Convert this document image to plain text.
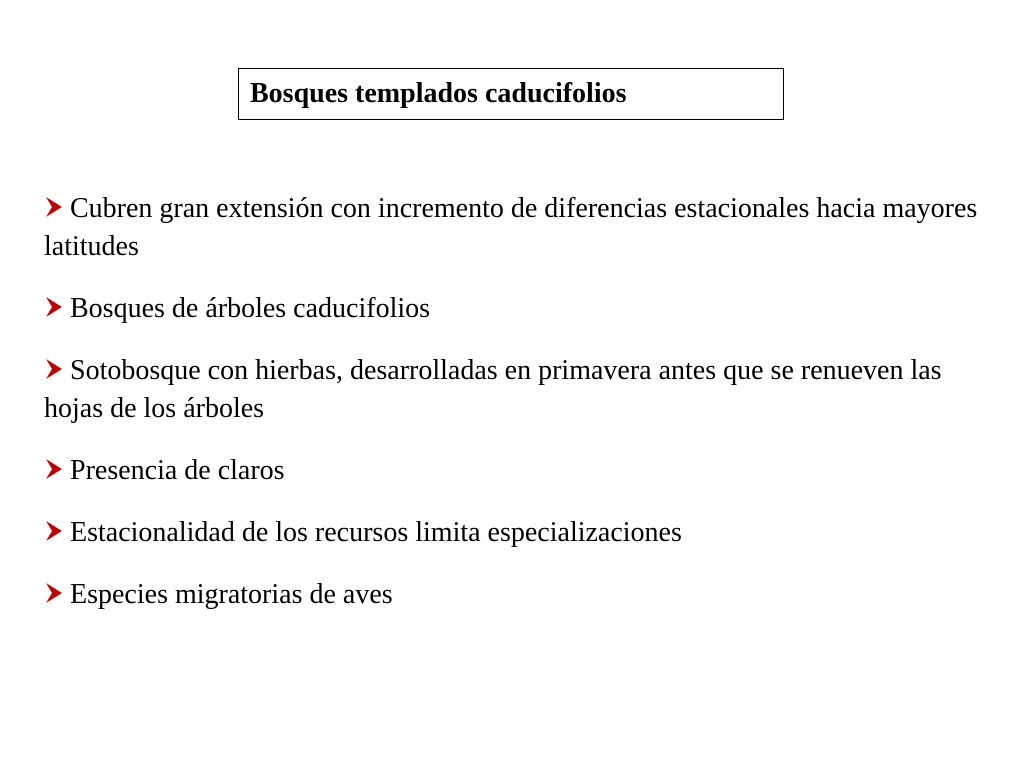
Bosques templados caducifolios
Cubren gran extensión con incremento de diferencias estacionales hacia mayores latitudes
Bosques de árboles caducifolios
Sotobosque con hierbas, desarrolladas en primavera antes que se renueven las hojas de los árboles
Presencia de claros
Estacionalidad de los recursos limita especializaciones
Especies migratorias de aves
